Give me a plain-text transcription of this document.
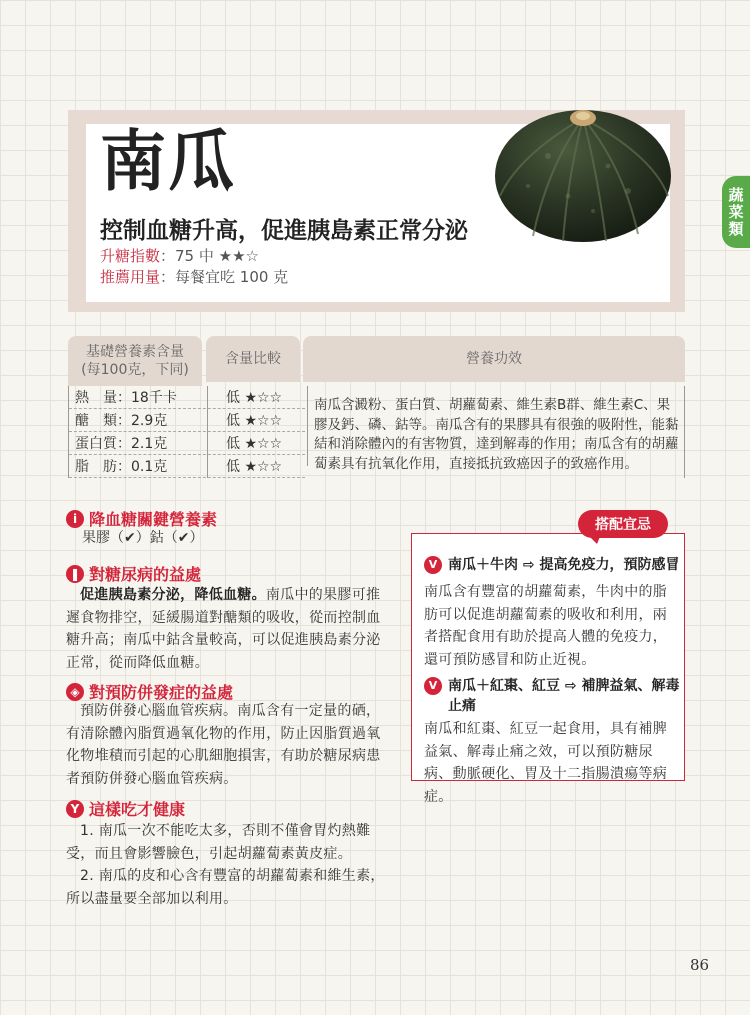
南瓜
控制血糖升高，促進胰島素正常分泌
升糖指數：75 中 ★★☆
推薦用量：每餐宜吃 100 克
蔬菜類
基礎營養素含量
(每100克，下同)
含量比較	營養功效
熱　量：18千卡	低 ★☆☆
醣　類：2.9克	低 ★☆☆
蛋白質：2.1克	低 ★☆☆
脂　肪：0.1克	低 ★☆☆
南瓜含澱粉、蛋白質、胡蘿蔔素、維生素B群、維生素C、果膠及鈣、磷、鈷等。南瓜含有的果膠具有很強的吸附性，能黏結和消除體內的有害物質，達到解毒的作用；南瓜含有的胡蘿蔔素具有抗氧化作用，直接抵抗致癌因子的致癌作用。
i 降血糖關鍵營養素
果膠（✔）鈷（✔）
❚ 對糖尿病的益處
促進胰島素分泌，降低血糖。南瓜中的果膠可推遲食物排空，延緩腸道對醣類的吸收，從而控制血糖升高；南瓜中鈷含量較高，可以促進胰島素分泌正常，從而降低血糖。
◈ 對預防併發症的益處
預防併發心腦血管疾病。南瓜含有一定量的硒，有清除體內脂質過氧化物的作用，防止因脂質過氧化物堆積而引起的心肌細胞損害，有助於糖尿病患者預防併發心腦血管疾病。
Y 這樣吃才健康
1. 南瓜一次不能吃太多，否則不僅會胃灼熱難受，而且會影響臉色，引起胡蘿蔔素黃皮症。
2. 南瓜的皮和心含有豐富的胡蘿蔔素和維生素，所以盡量要全部加以利用。
搭配宜忌
V 南瓜＋牛肉 ⇨ 提高免疫力，預防感冒
南瓜含有豐富的胡蘿蔔素，牛肉中的脂肪可以促進胡蘿蔔素的吸收和利用，兩者搭配食用有助於提高人體的免疫力，還可預防感冒和防止近視。
V 南瓜＋紅棗、紅豆 ⇨ 補脾益氣、解毒止痛
南瓜和紅棗、紅豆一起食用，具有補脾益氣、解毒止痛之效，可以預防糖尿病、動脈硬化、胃及十二指腸潰瘍等病症。
86
